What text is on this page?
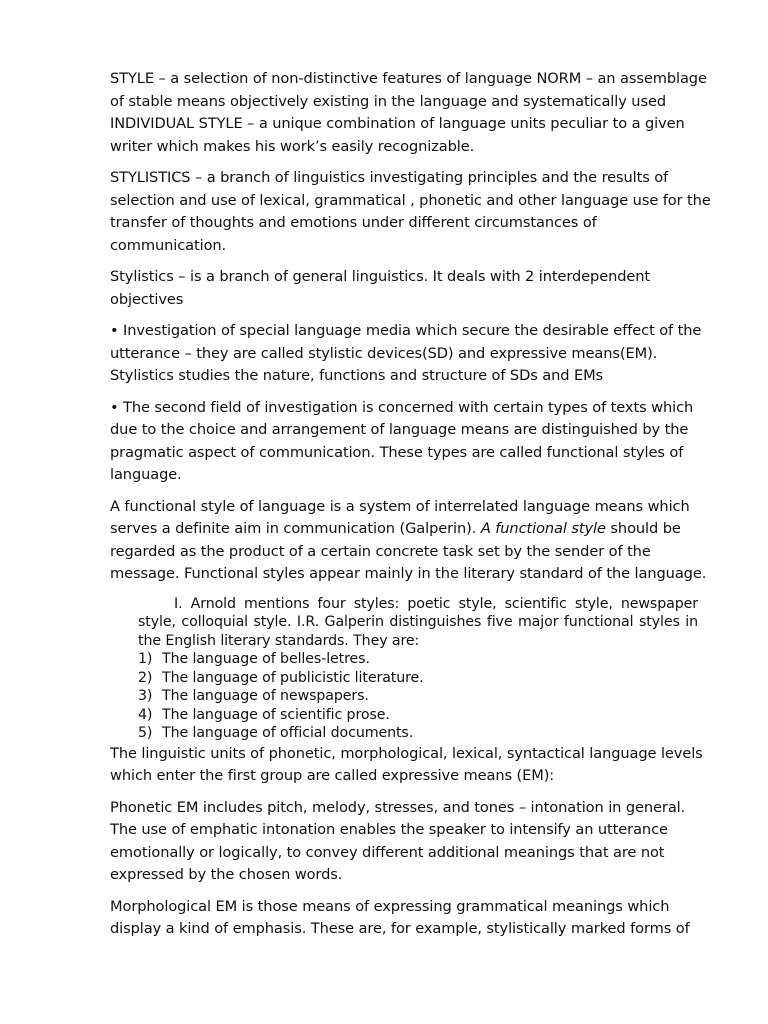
STYLE – a selection of non-distinctive features of language NORM – an assemblage of stable means objectively existing in the language and systematically used INDIVIDUAL STYLE – a unique combination of language units peculiar to a given writer which makes his work’s easily recognizable.

STYLISTICS – a branch of linguistics investigating principles and the results of selection and use of lexical, grammatical , phonetic and other language use for the transfer of thoughts and emotions under different circumstances of communication.

Stylistics – is a branch of general linguistics. It deals with 2 interdependent objectives

• Investigation of special language media which secure the desirable effect of the utterance – they are called stylistic devices(SD) and expressive means(EM). Stylistics studies the nature, functions and structure of SDs and EMs

• The second field of investigation is concerned with certain types of texts which due to the choice and arrangement of language means are distinguished by the pragmatic aspect of communication. These types are called functional styles of language.

A functional style of language is a system of interrelated language means which serves a definite aim in communication (Galperin). A functional style should be regarded as the product of a certain concrete task set by the sender of the message. Functional styles appear mainly in the literary standard of the language.

I. Arnold mentions four styles: poetic style, scientific style, newspaper style, colloquial style. I.R. Galperin distinguishes five major functional styles in the English literary standards. They are:

1) The language of belles-letres.
2) The language of publicistic literature.
3) The language of newspapers.
4) The language of scientific prose.
5) The language of official documents.

The linguistic units of phonetic, morphological, lexical, syntactical language levels which enter the first group are called expressive means (EM):

Phonetic EM includes pitch, melody, stresses, and tones – intonation in general. The use of emphatic intonation enables the speaker to intensify an utterance emotionally or logically, to convey different additional meanings that are not expressed by the chosen words.

Morphological EM is those means of expressing grammatical meanings which display a kind of emphasis. These are, for example, stylistically marked forms of
